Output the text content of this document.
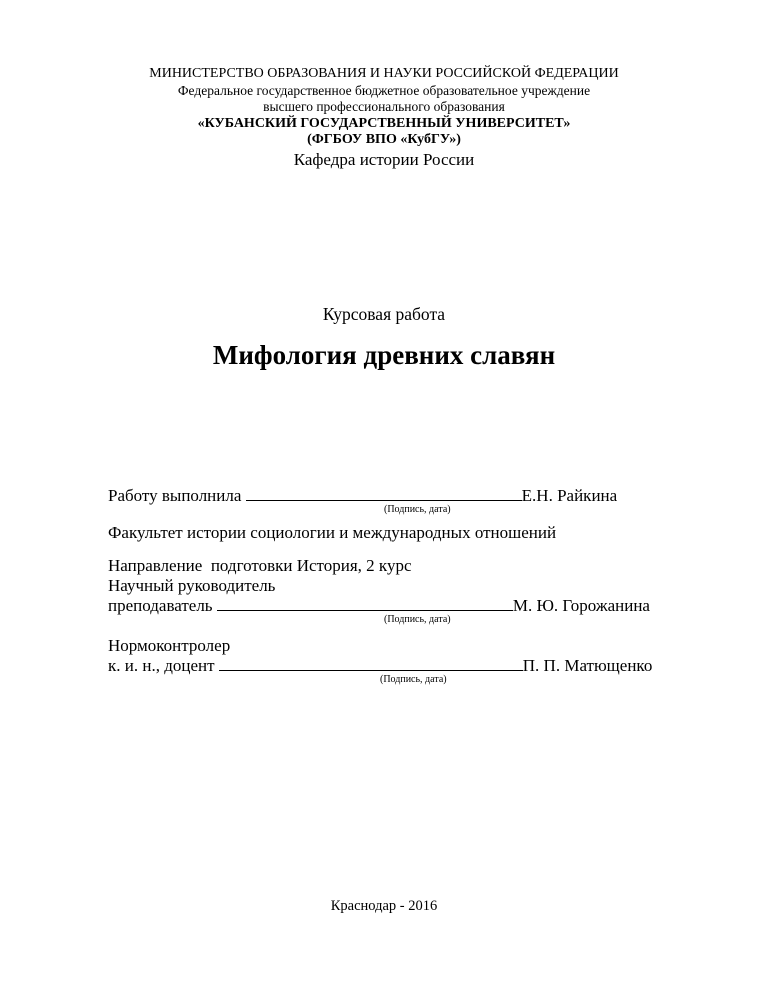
МИНИСТЕРСТВО ОБРАЗОВАНИЯ И НАУКИ РОССИЙСКОЙ ФЕДЕРАЦИИ
Федеральное государственное бюджетное образовательное учреждение
высшего профессионального образования
«КУБАНСКИЙ ГОСУДАРСТВЕННЫЙ УНИВЕРСИТЕТ»
(ФГБОУ ВПО «КубГУ»)
Кафедра истории России
Курсовая работа
Мифология древних славян
Работу выполнила	Е.Н. Райкина
(Подпись, дата)
Факультет истории социологии и международных отношений
Направление  подготовки История, 2 курс
Научный руководитель
преподаватель	М. Ю. Горожанина
(Подпись, дата)
Нормоконтролер
к. и. н., доцент	П. П. Матющенко
(Подпись, дата)
Краснодар - 2016
